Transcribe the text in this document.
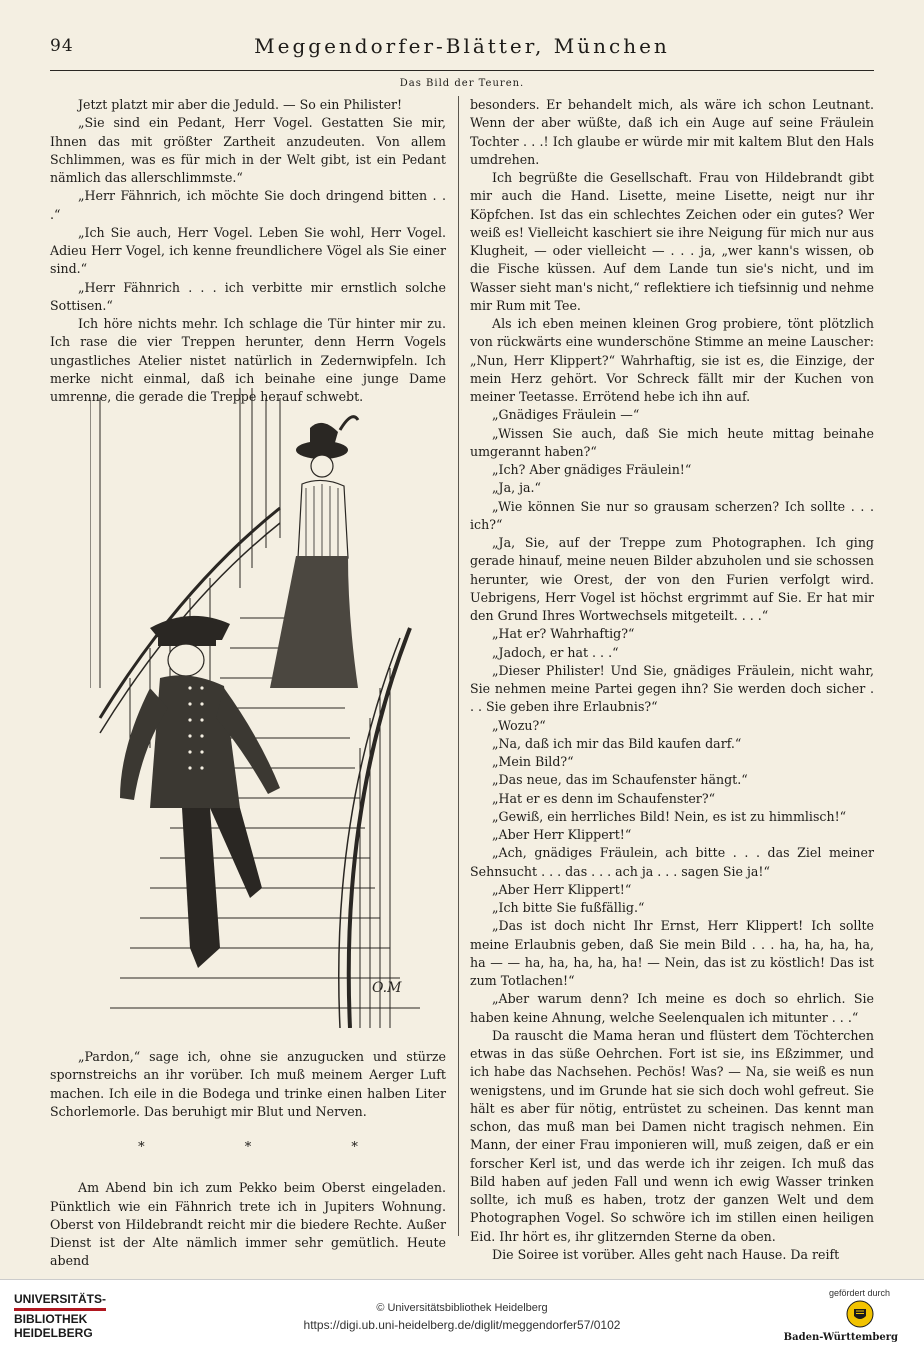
94	Meggendorfer-Blätter, München
Das Bild der Teuren.

Jetzt platzt mir aber die Jeduld. — So ein Philister!

„Sie sind ein Pedant, Herr Vogel. Gestatten Sie mir, Ihnen das mit größter Zartheit anzudeuten. Von allem Schlimmen, was es für mich in der Welt gibt, ist ein Pedant nämlich das allerschlimmste.“

„Herr Fähnrich, ich möchte Sie doch dringend bitten . . .“

„Ich Sie auch, Herr Vogel. Leben Sie wohl, Herr Vogel. Adieu Herr Vogel, ich kenne freundlichere Vögel als Sie einer sind.“

„Herr Fähnrich . . . ich verbitte mir ernstlich solche Sottisen.“

Ich höre nichts mehr. Ich schlage die Tür hinter mir zu. Ich rase die vier Treppen herunter, denn Herrn Vogels ungastliches Atelier nistet natürlich in Zedernwipfeln. Ich merke nicht einmal, daß ich beinahe eine junge Dame umrenne, die gerade die Treppe herauf schwebt.

O.M

„Pardon,“ sage ich, ohne sie anzugucken und stürze spornstreichs an ihr vorüber. Ich muß meinem Aerger Luft machen. Ich eile in die Bodega und trinke einen halben Liter Schorlemorle. Das beruhigt mir Blut und Nerven.

* * *

Am Abend bin ich zum Pekko beim Oberst eingeladen. Pünktlich wie ein Fähnrich trete ich in Jupiters Wohnung. Oberst von Hildebrandt reicht mir die biedere Rechte. Außer Dienst ist der Alte nämlich immer sehr gemütlich. Heute abend

besonders. Er behandelt mich, als wäre ich schon Leutnant. Wenn der aber wüßte, daß ich ein Auge auf seine Fräulein Tochter . . .! Ich glaube er würde mir mit kaltem Blut den Hals umdrehen.

Ich begrüßte die Gesellschaft. Frau von Hildebrandt gibt mir auch die Hand. Lisette, meine Lisette, neigt nur ihr Köpfchen. Ist das ein schlechtes Zeichen oder ein gutes? Wer weiß es! Vielleicht kaschiert sie ihre Neigung für mich nur aus Klugheit, — oder vielleicht — . . . ja, „wer kann's wissen, ob die Fische küssen. Auf dem Lande tun sie's nicht, und im Wasser sieht man's nicht,“ reflektiere ich tiefsinnig und nehme mir Rum mit Tee.

Als ich eben meinen kleinen Grog probiere, tönt plötzlich von rückwärts eine wunderschöne Stimme an meine Lauscher: „Nun, Herr Klippert?“ Wahrhaftig, sie ist es, die Einzige, der mein Herz gehört. Vor Schreck fällt mir der Kuchen von meiner Teetasse. Errötend hebe ich ihn auf.

„Gnädiges Fräulein —“

„Wissen Sie auch, daß Sie mich heute mittag beinahe umgerannt haben?“

„Ich? Aber gnädiges Fräulein!“

„Ja, ja.“

„Wie können Sie nur so grausam scherzen? Ich sollte . . . ich?“

„Ja, Sie, auf der Treppe zum Photographen. Ich ging gerade hinauf, meine neuen Bilder abzuholen und sie schossen herunter, wie Orest, der von den Furien verfolgt wird. Uebrigens, Herr Vogel ist höchst ergrimmt auf Sie. Er hat mir den Grund Ihres Wortwechsels mitgeteilt. . . .“

„Hat er? Wahrhaftig?“

„Jadoch, er hat . . .“

„Dieser Philister! Und Sie, gnädiges Fräulein, nicht wahr, Sie nehmen meine Partei gegen ihn? Sie werden doch sicher . . . Sie geben ihre Erlaubnis?“

„Wozu?“

„Na, daß ich mir das Bild kaufen darf.“

„Mein Bild?“

„Das neue, das im Schaufenster hängt.“

„Hat er es denn im Schaufenster?“

„Gewiß, ein herrliches Bild! Nein, es ist zu himmlisch!“

„Aber Herr Klippert!“

„Ach, gnädiges Fräulein, ach bitte . . . das Ziel meiner Sehnsucht . . . das . . . ach ja . . . sagen Sie ja!“

„Aber Herr Klippert!“

„Ich bitte Sie fußfällig.“

„Das ist doch nicht Ihr Ernst, Herr Klippert! Ich sollte meine Erlaubnis geben, daß Sie mein Bild . . . ha, ha, ha, ha, ha — — ha, ha, ha, ha, ha! — Nein, das ist zu köstlich! Das ist zum Totlachen!“

„Aber warum denn? Ich meine es doch so ehrlich. Sie haben keine Ahnung, welche Seelenqualen ich mitunter . . .“

Da rauscht die Mama heran und flüstert dem Töchterchen etwas in das süße Oehrchen. Fort ist sie, ins Eßzimmer, und ich habe das Nachsehen. Pechös! Was? — Na, sie weiß es nun wenigstens, und im Grunde hat sie sich doch wohl gefreut. Sie hält es aber für nötig, entrüstet zu scheinen. Das kennt man schon, das muß man bei Damen nicht tragisch nehmen. Ein Mann, der einer Frau imponieren will, muß zeigen, daß er ein forscher Kerl ist, und das werde ich ihr zeigen. Ich muß das Bild haben auf jeden Fall und wenn ich ewig Wasser trinken sollte, ich muß es haben, trotz der ganzen Welt und dem Photographen Vogel. So schwöre ich im stillen einen heiligen Eid. Ihr hört es, ihr glitzernden Sterne da oben.

Die Soiree ist vorüber. Alles geht nach Hause. Da reift

UNIVERSITÄTS-
BIBLIOTHEK
HEIDELBERG
© Universitätsbibliothek Heidelberg
https://digi.ub.uni-heidelberg.de/diglit/meggendorfer57/0102
gefördert durch
Baden-Württemberg
